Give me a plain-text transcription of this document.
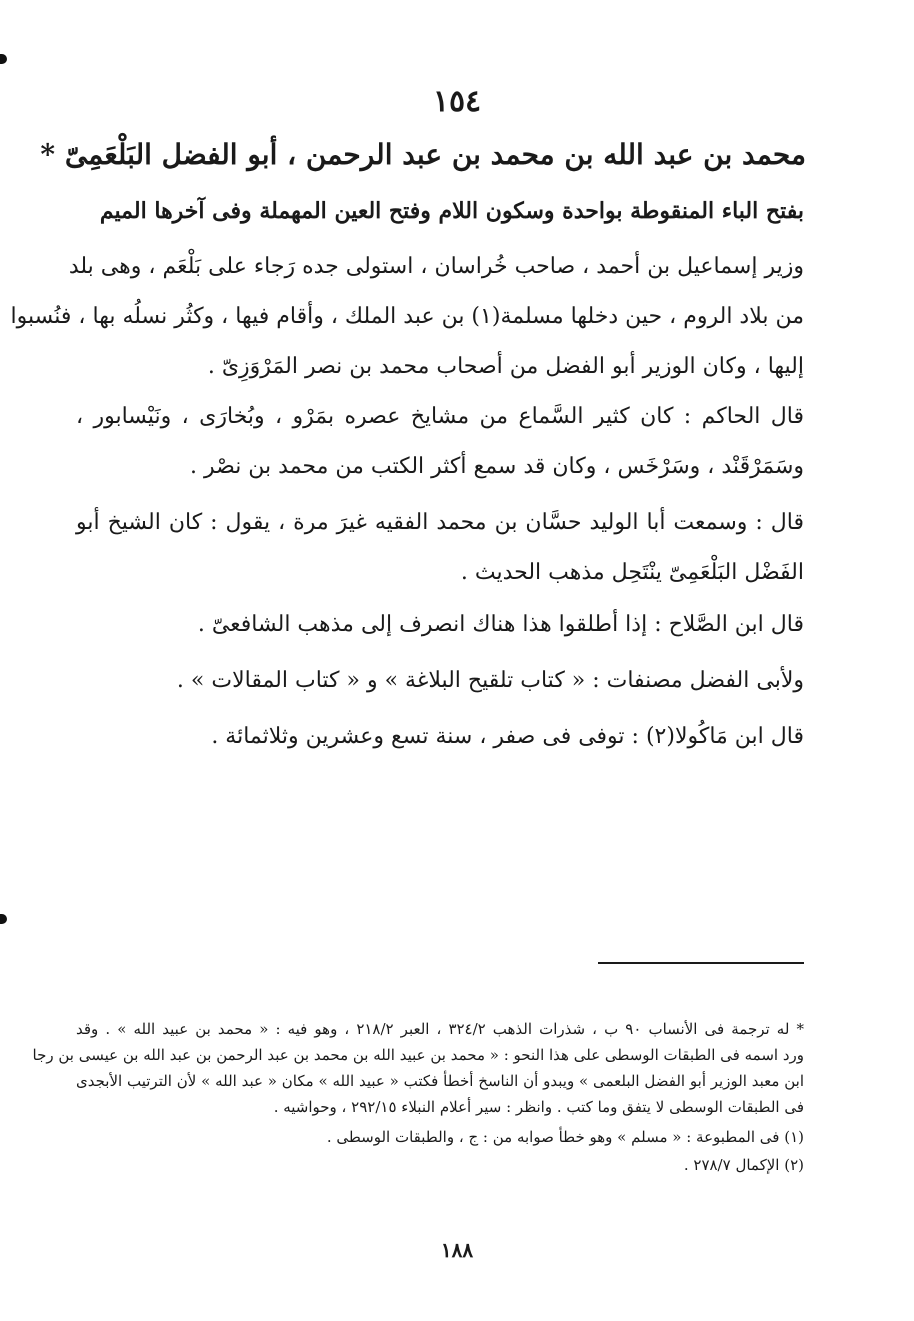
١٥٤
محمد بن عبد الله بن محمد بن عبد الرحمن ، أبو الفضل البَلْعَمِىّ *
بفتح الباء المنقوطة بواحدة وسكون اللام وفتح العين المهملة وفى آخرها الميم
وزير إسماعيل بن أحمد ، صاحب خُراسان ، استولى جده رَجاء على بَلْعَم ، وهى بلد
من بلاد الروم ، حين دخلها مسلمة(١) بن عبد الملك ، وأقام فيها ، وكثُر نسلُه بها ، فنُسبوا
إليها ، وكان الوزير أبو الفضل من أصحاب محمد بن نصر المَرْوَزِىّ .
قال الحاكم : كان كثير السَّماع من مشايخ عصره بمَرْو ، وبُخارَى ، ونَيْسابور ،
وسَمَرْقَنْد ، وسَرْخَس ، وكان قد سمع أكثر الكتب من محمد بن نصْر .
قال : وسمعت أبا الوليد حسَّان بن محمد الفقيه غيرَ مرة ، يقول : كان الشيخ أبو
الفَضْل البَلْعَمِىّ ينْتَحِل مذهب الحديث .
قال ابن الصَّلاح : إذا أطلقوا هذا هناك انصرف إلى مذهب الشافعىّ .
ولأبى الفضل مصنفات : « كتاب تلقيح البلاغة » و « كتاب المقالات » .
قال ابن مَاكُولا(٢) : توفى فى صفر ، سنة تسع وعشرين وثلاثمائة .
* له ترجمة فى الأنساب ٩٠ ب ، شذرات الذهب ٣٢٤/٢ ، العبر ٢١٨/٢ ، وهو فيه : « محمد بن عبيد الله » . وقد
ورد اسمه فى الطبقات الوسطى على هذا النحو : « محمد بن عبيد الله بن محمد بن عبد الرحمن بن عبد الله بن عيسى بن رجا
ابن معبد الوزير أبو الفضل البلعمى » ويبدو أن الناسخ أخطأ فكتب « عبيد الله » مكان « عبد الله » لأن الترتيب الأبجدى
فى الطبقات الوسطى لا يتفق وما كتب . وانظر : سير أعلام النبلاء ٢٩٢/١٥ ، وحواشيه .
(١) فى المطبوعة : « مسلم » وهو خطأ صوابه من : ج ، والطبقات الوسطى .
(٢) الإكمال ٢٧٨/٧ .
١٨٨
